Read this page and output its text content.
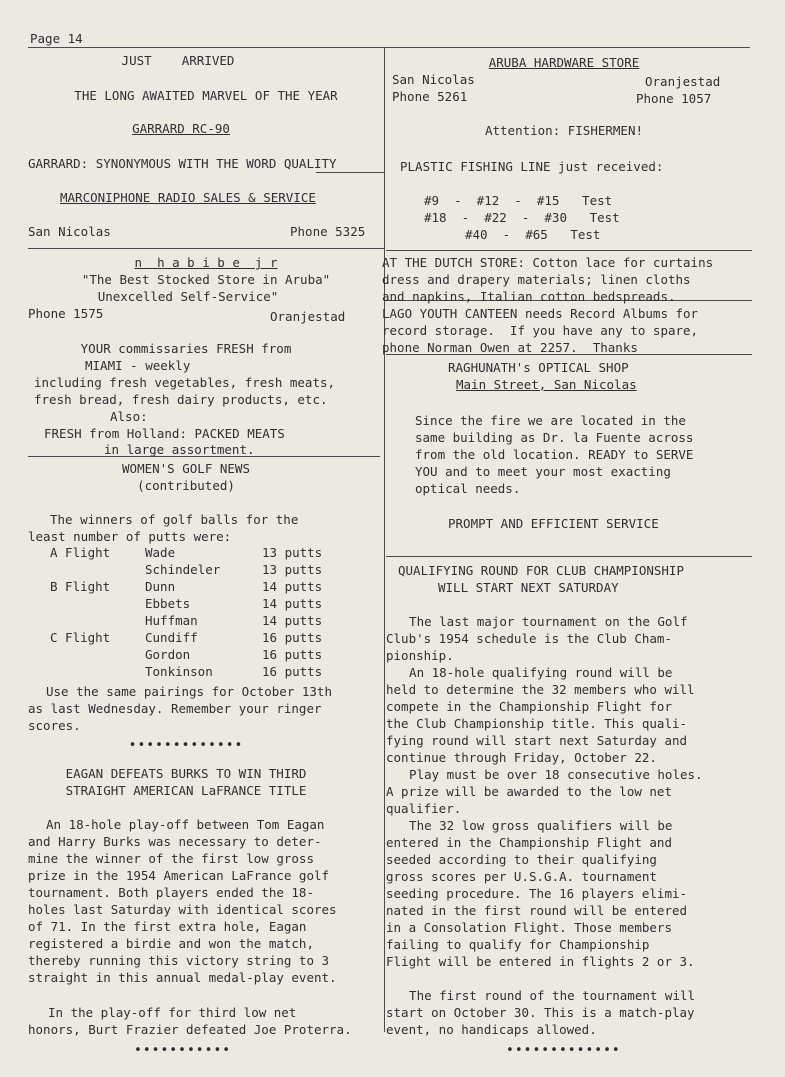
Page 14
JUST    ARRIVED
THE LONG AWAITED MARVEL OF THE YEAR
GARRARD RC-90
GARRARD: SYNONYMOUS WITH THE WORD QUALITY
MARCONIPHONE RADIO SALES & SERVICE
San Nicolas	Phone 5325
n  h a b i b e  j r
"The Best Stocked Store in Aruba"
Unexcelled Self-Service"
Phone 1575	Oranjestad
YOUR commissaries FRESH from
MIAMI - weekly
including fresh vegetables, fresh meats,
fresh bread, fresh dairy products, etc.
Also:
FRESH from Holland: PACKED MEATS
in large assortment.
WOMEN'S GOLF NEWS
(contributed)
The winners of golf balls for the
least number of putts were:
A Flight	Wade	13 putts
Schindeler	13 putts
B Flight	Dunn	14 putts
Ebbets	14 putts
Huffman	14 putts
C Flight	Cundiff	16 putts
Gordon	16 putts
Tonkinson	16 putts
Use the same pairings for October 13th
as last Wednesday. Remember your ringer
scores.
•••••••••••••
EAGAN DEFEATS BURKS TO WIN THIRD
STRAIGHT AMERICAN LaFRANCE TITLE
An 18-hole play-off between Tom Eagan
and Harry Burks was necessary to deter-
mine the winner of the first low gross
prize in the 1954 American LaFrance golf
tournament. Both players ended the 18-
holes last Saturday with identical scores
of 71. In the first extra hole, Eagan
registered a birdie and won the match,
thereby running this victory string to 3
straight in this annual medal-play event.
In the play-off for third low net
honors, Burt Frazier defeated Joe Proterra.
•••••••••••
ARUBA HARDWARE STORE
San Nicolas	Oranjestad
Phone 5261	Phone 1057
Attention: FISHERMEN!
PLASTIC FISHING LINE just received:
#9  -  #12  -  #15   Test
#18  -  #22  -  #30   Test
#40  -  #65   Test
AT THE DUTCH STORE: Cotton lace for curtains
dress and drapery materials; linen cloths
and napkins, Italian cotton bedspreads.
LAGO YOUTH CANTEEN needs Record Albums for
record storage.  If you have any to spare,
phone Norman Owen at 2257.  Thanks
RAGHUNATH's OPTICAL SHOP
Main Street, San Nicolas
Since the fire we are located in the
same building as Dr. la Fuente across
from the old location. READY to SERVE
YOU and to meet your most exacting
optical needs.
PROMPT AND EFFICIENT SERVICE
QUALIFYING ROUND FOR CLUB CHAMPIONSHIP
WILL START NEXT SATURDAY
The last major tournament on the Golf
Club's 1954 schedule is the Club Cham-
pionship.
An 18-hole qualifying round will be
held to determine the 32 members who will
compete in the Championship Flight for
the Club Championship title. This quali-
fying round will start next Saturday and
continue through Friday, October 22.
Play must be over 18 consecutive holes.
A prize will be awarded to the low net
qualifier.
The 32 low gross qualifiers will be
entered in the Championship Flight and
seeded according to their qualifying
gross scores per U.S.G.A. tournament
seeding procedure. The 16 players elimi-
nated in the first round will be entered
in a Consolation Flight. Those members
failing to qualify for Championship
Flight will be entered in flights 2 or 3.
The first round of the tournament will
start on October 30. This is a match-play
event, no handicaps allowed.
•••••••••••••
